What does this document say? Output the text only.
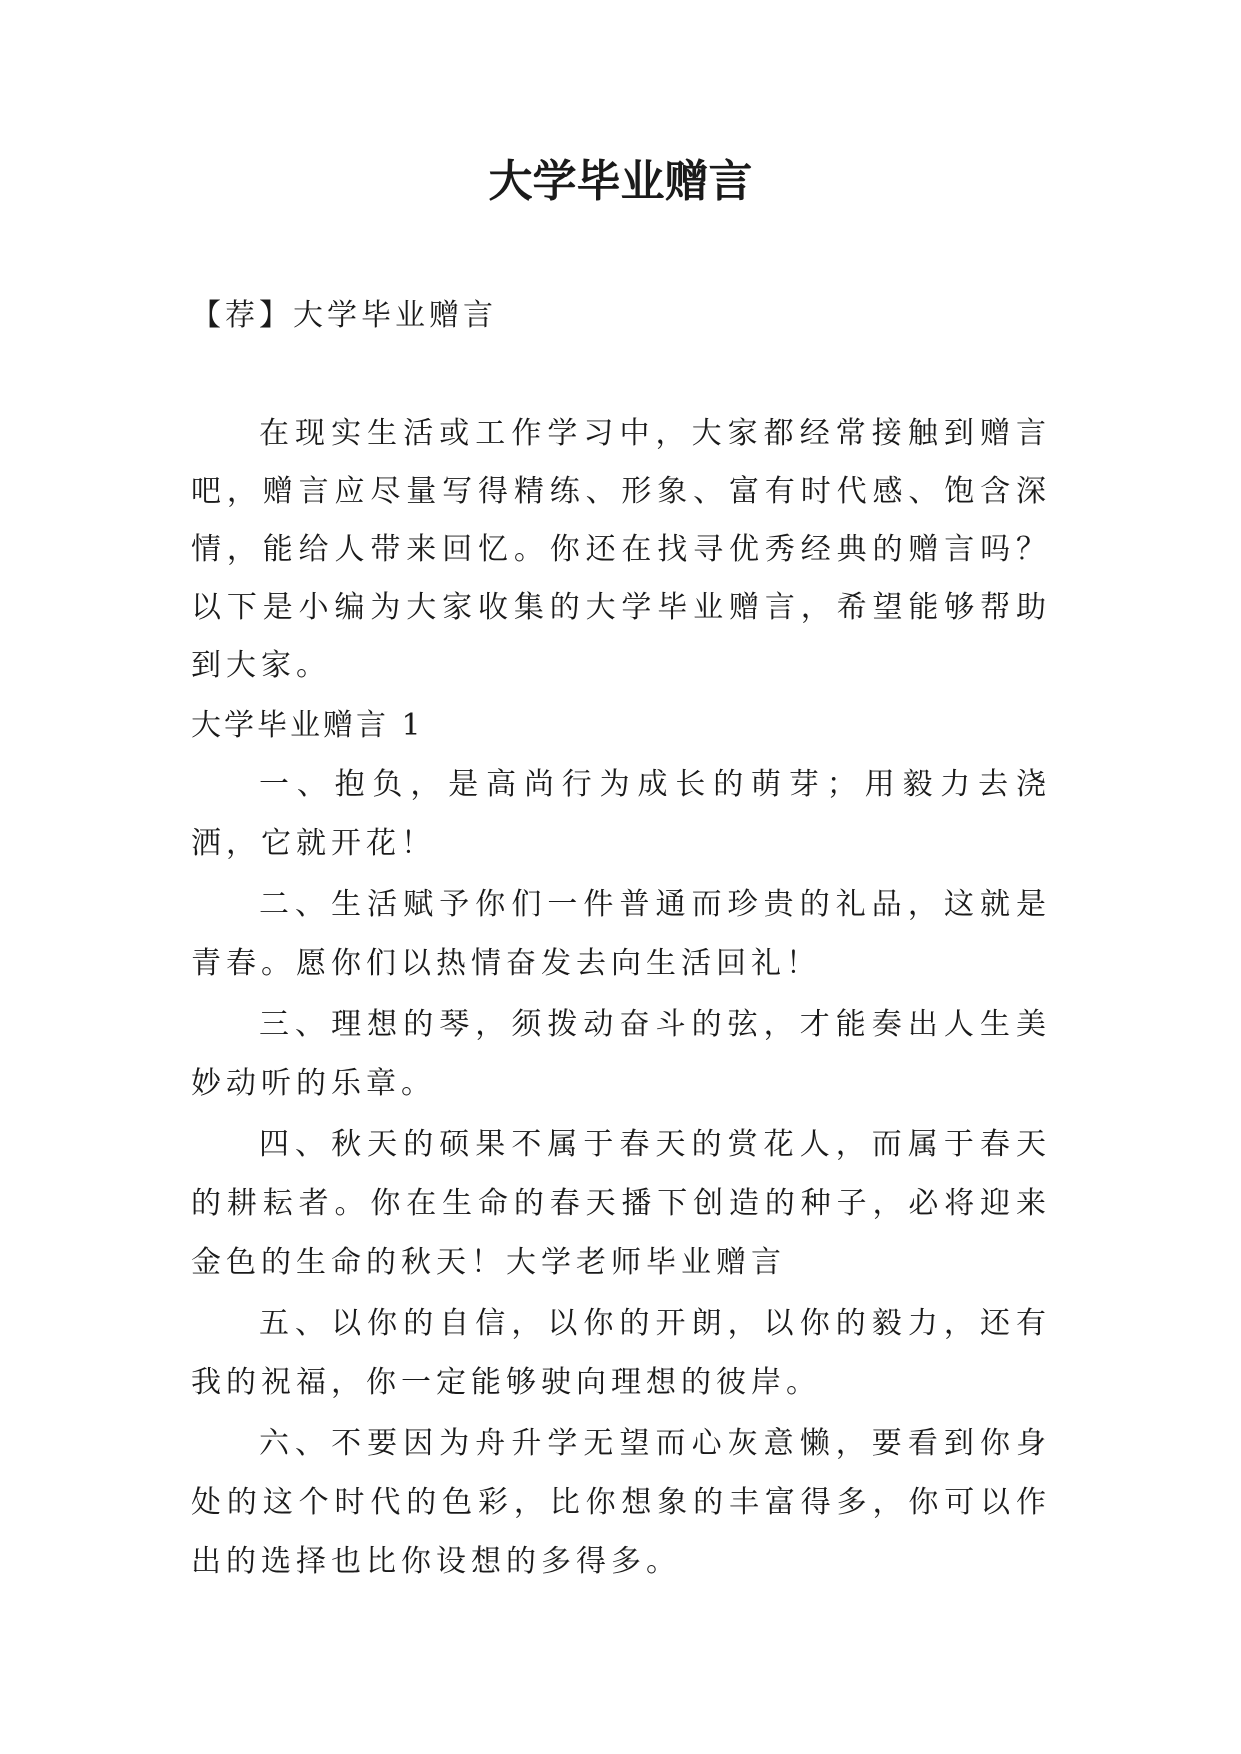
大学毕业赠言

【荐】大学毕业赠言

在现实生活或工作学习中，大家都经常接触到赠言吧，赠言应尽量写得精练、形象、富有时代感、饱含深情，能给人带来回忆。你还在找寻优秀经典的赠言吗？以下是小编为大家收集的大学毕业赠言，希望能够帮助到大家。

大学毕业赠言 1

一、抱负，是高尚行为成长的萌芽；用毅力去浇洒，它就开花！
二、生活赋予你们一件普通而珍贵的礼品，这就是青春。愿你们以热情奋发去向生活回礼！
三、理想的琴，须拨动奋斗的弦，才能奏出人生美妙动听的乐章。
四、秋天的硕果不属于春天的赏花人，而属于春天的耕耘者。你在生命的春天播下创造的种子，必将迎来金色的生命的秋天！大学老师毕业赠言
五、以你的自信，以你的开朗，以你的毅力，还有我的祝福，你一定能够驶向理想的彼岸。
六、不要因为舟升学无望而心灰意懒，要看到你身处的这个时代的色彩，比你想象的丰富得多，你可以作出的选择也比你设想的多得多。
